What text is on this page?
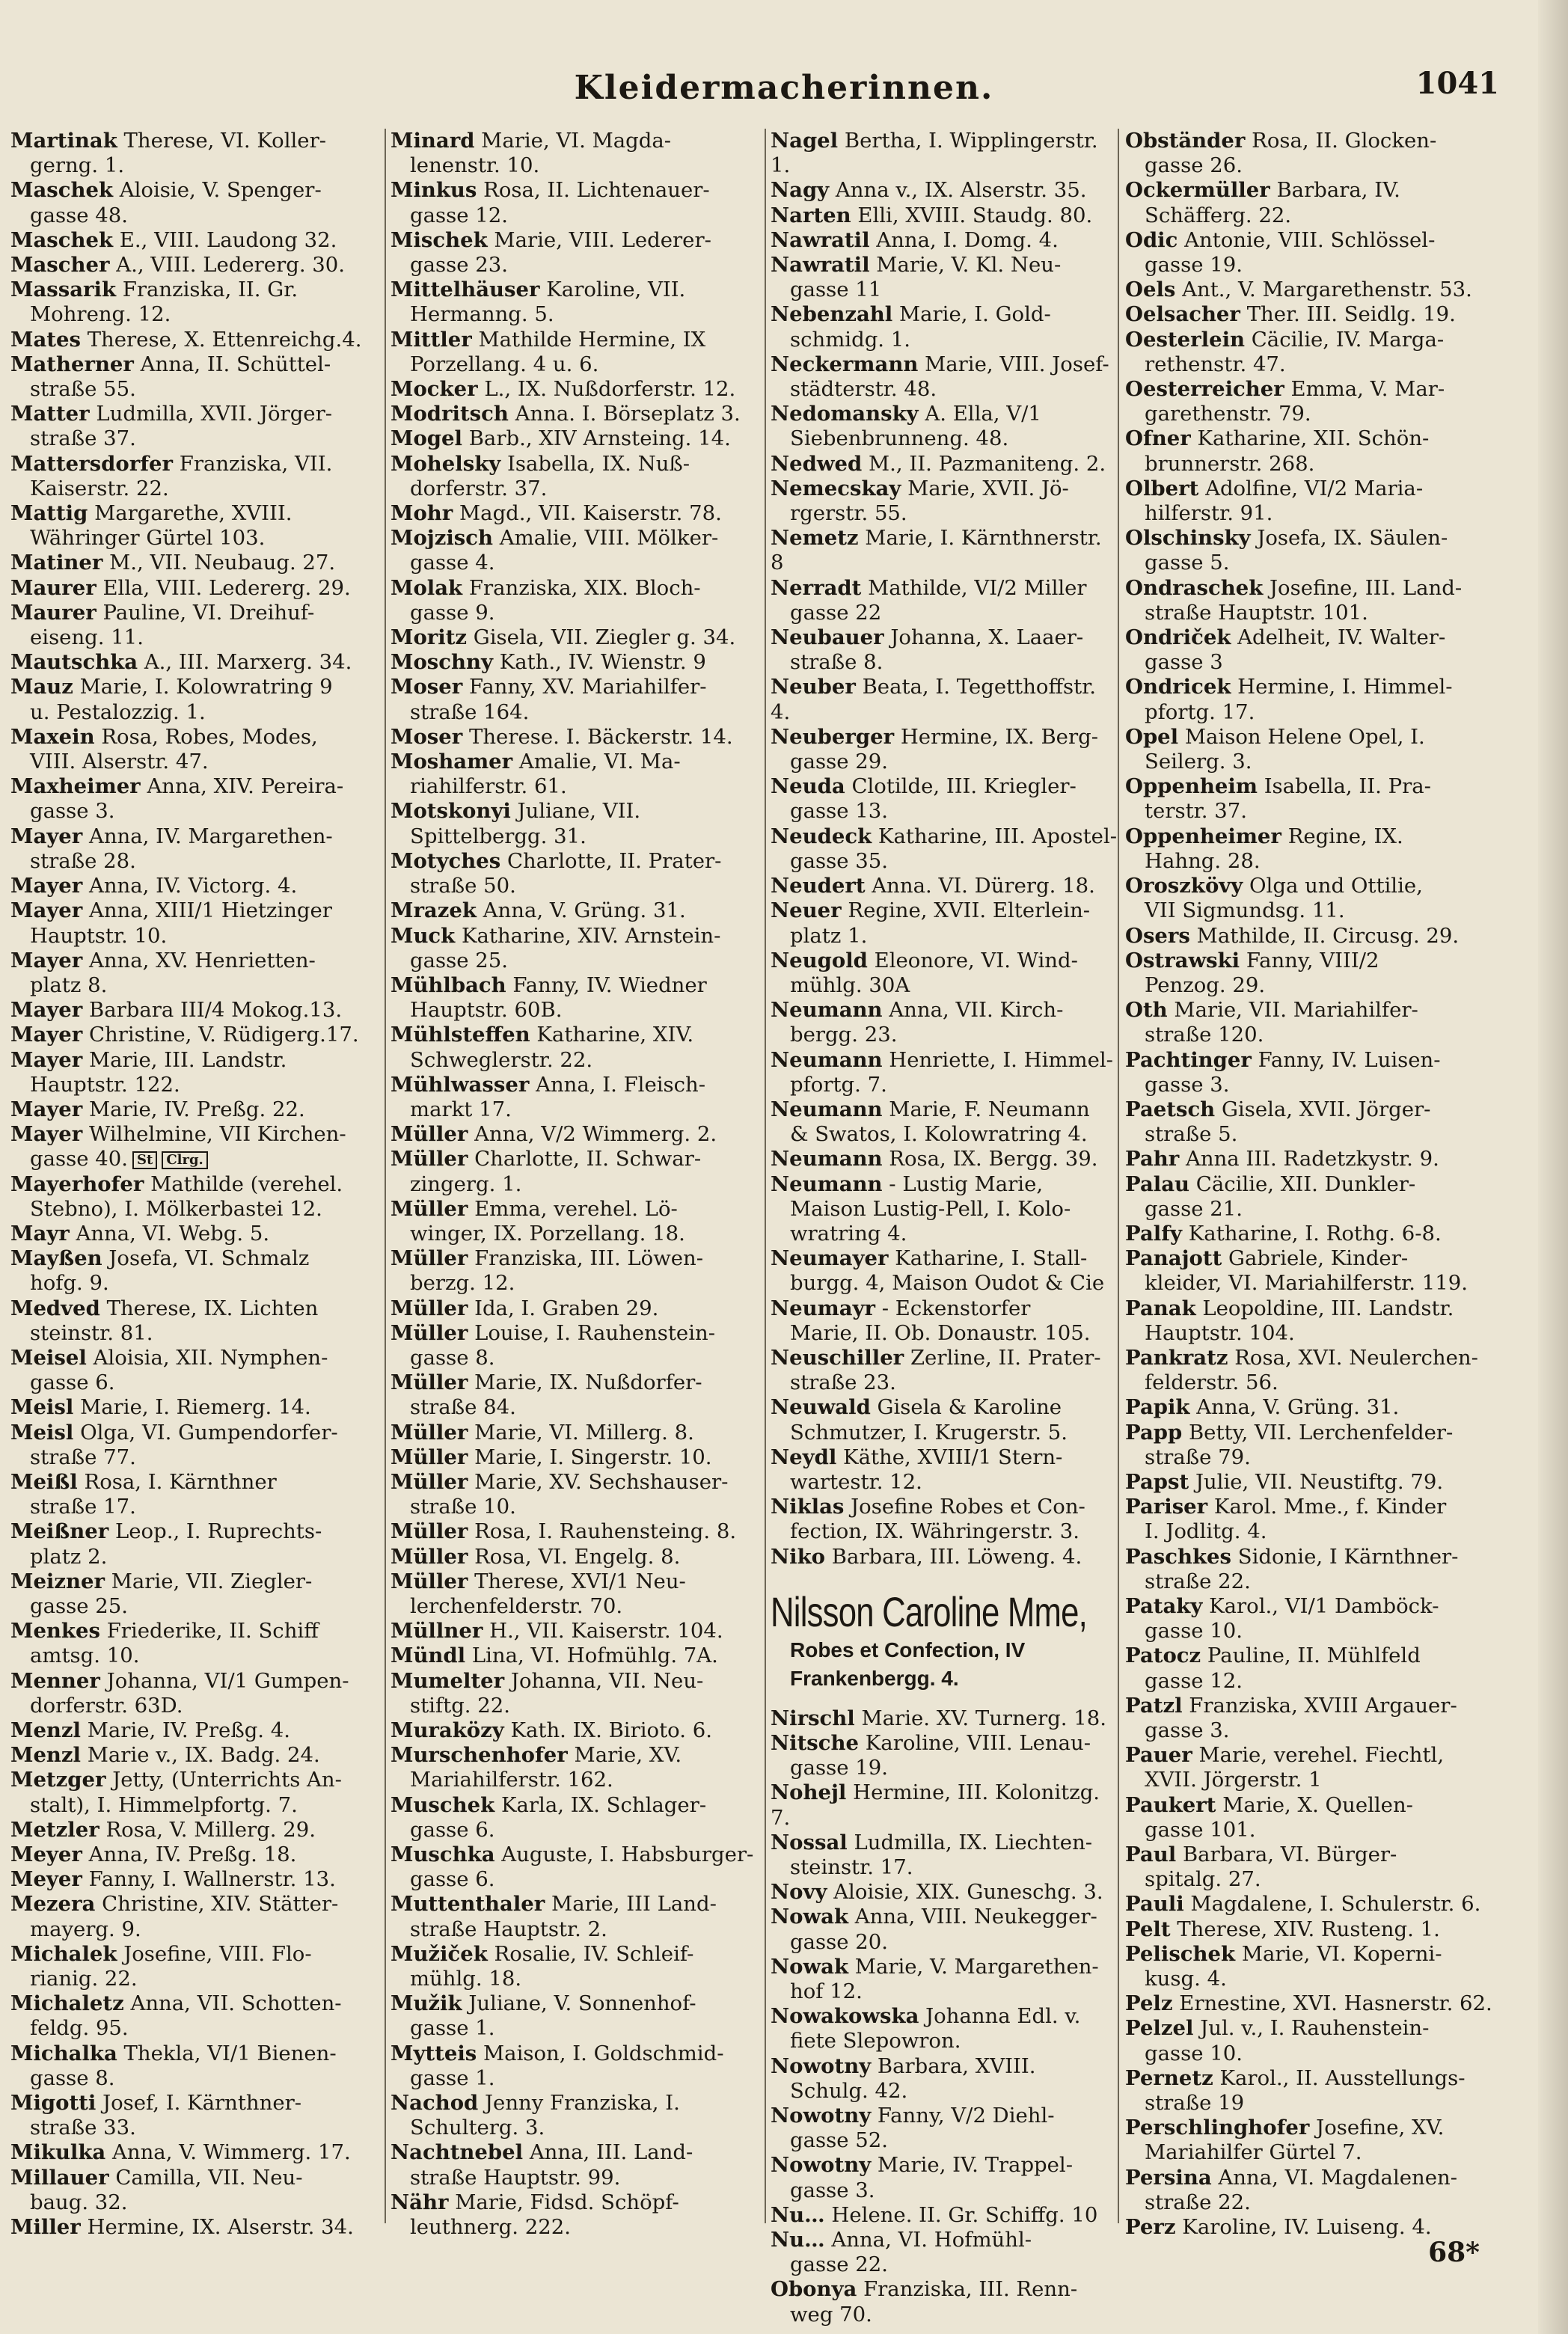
Kleidermacherinnen.	1041

Martinak Therese, VI. Koller-
gerng. 1.

Maschek Aloisie, V. Spenger-
gasse 48.

Maschek E., VIII. Laudong 32.

Mascher A., VIII. Ledererg. 30.

Massarik Franziska, II. Gr.
Mohreng. 12.

Mates Therese, X. Ettenreichg.4.

Matherner Anna, II. Schüttel-
straße 55.

Matter Ludmilla, XVII. Jörger-
straße 37.

Mattersdorfer Franziska, VII.
Kaiserstr. 22.

Mattig Margarethe, XVIII.
Währinger Gürtel 103.

Matiner M., VII. Neubaug. 27.

Maurer Ella, VIII. Ledererg. 29.

Maurer Pauline, VI. Dreihuf-
eiseng. 11.

Mautschka A., III. Marxerg. 34.

Mauz Marie, I. Kolowratring 9
u. Pestalozzig. 1.

Maxein Rosa, Robes, Modes,
VIII. Alserstr. 47.

Maxheimer Anna, XIV. Pereira-
gasse 3.

Mayer Anna, IV. Margarethen-
straße 28.

Mayer Anna, IV. Victorg. 4.

Mayer Anna, XIII/1 Hietzinger
Hauptstr. 10.

Mayer Anna, XV. Henrietten-
platz 8.

Mayer Barbara III/4 Mokog.13.

Mayer Christine, V. Rüdigerg.17.

Mayer Marie, III. Landstr.
Hauptstr. 122.

Mayer Marie, IV. Preßg. 22.

Mayer Wilhelmine, VII Kirchen-
gasse 40. St Clrg.

Mayerhofer Mathilde (verehel.
Stebno), I. Mölkerbastei 12.

Mayr Anna, VI. Webg. 5.

Mayßen Josefa, VI. Schmalz
hofg. 9.

Medved Therese, IX. Lichten
steinstr. 81.

Meisel Aloisia, XII. Nymphen-
gasse 6.

Meisl Marie, I. Riemerg. 14.

Meisl Olga, VI. Gumpendorfer-
straße 77.

Meißl Rosa, I. Kärnthner
straße 17.

Meißner Leop., I. Ruprechts-
platz 2.

Meizner Marie, VII. Ziegler-
gasse 25.

Menkes Friederike, II. Schiff
amtsg. 10.

Menner Johanna, VI/1 Gumpen-
dorferstr. 63D.

Menzl Marie, IV. Preßg. 4.

Menzl Marie v., IX. Badg. 24.

Metzger Jetty, (Unterrichts An-
stalt), I. Himmelpfortg. 7.

Metzler Rosa, V. Millerg. 29.

Meyer Anna, IV. Preßg. 18.

Meyer Fanny, I. Wallnerstr. 13.

Mezera Christine, XIV. Stätter-
mayerg. 9.

Michalek Josefine, VIII. Flo-
rianig. 22.

Michaletz Anna, VII. Schotten-
feldg. 95.

Michalka Thekla, VI/1 Bienen-
gasse 8.

Migotti Josef, I. Kärnthner-
straße 33.

Mikulka Anna, V. Wimmerg. 17.

Millauer Camilla, VII. Neu-
baug. 32.

Miller Hermine, IX. Alserstr. 34.

Minard Marie, VI. Magda-
lenenstr. 10.

Minkus Rosa, II. Lichtenauer-
gasse 12.

Mischek Marie, VIII. Lederer-
gasse 23.

Mittelhäuser Karoline, VII.
Hermanng. 5.

Mittler Mathilde Hermine, IX
Porzellang. 4 u. 6.

Mocker L., IX. Nußdorferstr. 12.

Modritsch Anna. I. Börseplatz 3.

Mogel Barb., XIV Arnsteing. 14.

Mohelsky Isabella, IX. Nuß-
dorferstr. 37.

Mohr Magd., VII. Kaiserstr. 78.

Mojzisch Amalie, VIII. Mölker-
gasse 4.

Molak Franziska, XIX. Bloch-
gasse 9.

Moritz Gisela, VII. Ziegler g. 34.

Moschny Kath., IV. Wienstr. 9

Moser Fanny, XV. Mariahilfer-
straße 164.

Moser Therese. I. Bäckerstr. 14.

Moshamer Amalie, VI. Ma-
riahilferstr. 61.

Motskonyi Juliane, VII.
Spittelbergg. 31.

Motyches Charlotte, II. Prater-
straße 50.

Mrazek Anna, V. Grüng. 31.

Muck Katharine, XIV. Arnstein-
gasse 25.

Mühlbach Fanny, IV. Wiedner
Hauptstr. 60B.

Mühlsteffen Katharine, XIV.
Schweglerstr. 22.

Mühlwasser Anna, I. Fleisch-
markt 17.

Müller Anna, V/2 Wimmerg. 2.

Müller Charlotte, II. Schwar-
zingerg. 1.

Müller Emma, verehel. Lö-
winger, IX. Porzellang. 18.

Müller Franziska, III. Löwen-
berzg. 12.

Müller Ida, I. Graben 29.

Müller Louise, I. Rauhenstein-
gasse 8.

Müller Marie, IX. Nußdorfer-
straße 84.

Müller Marie, VI. Millerg. 8.

Müller Marie, I. Singerstr. 10.

Müller Marie, XV. Sechshauser-
straße 10.

Müller Rosa, I. Rauhensteing. 8.

Müller Rosa, VI. Engelg. 8.

Müller Therese, XVI/1 Neu-
lerchenfelderstr. 70.

Müllner H., VII. Kaiserstr. 104.

Mündl Lina, VI. Hofmühlg. 7A.

Mumelter Johanna, VII. Neu-
stiftg. 22.

Muraközy Kath. IX. Birioto. 6.

Murschenhofer Marie, XV.
Mariahilferstr. 162.

Muschek Karla, IX. Schlager-
gasse 6.

Muschka Auguste, I. Habsburger-
gasse 6.

Muttenthaler Marie, III Land-
straße Hauptstr. 2.

Mužiček Rosalie, IV. Schleif-
mühlg. 18.

Mužik Juliane, V. Sonnenhof-
gasse 1.

Mytteis Maison, I. Goldschmid-
gasse 1.

Nachod Jenny Franziska, I.
Schulterg. 3.

Nachtnebel Anna, III. Land-
straße Hauptstr. 99.

Nähr Marie, Fidsd. Schöpf-
leuthnerg. 222.

Nagel Bertha, I. Wipplingerstr. 1.

Nagy Anna v., IX. Alserstr. 35.

Narten Elli, XVIII. Staudg. 80.

Nawratil Anna, I. Domg. 4.

Nawratil Marie, V. Kl. Neu-
gasse 11

Nebenzahl Marie, I. Gold-
schmidg. 1.

Neckermann Marie, VIII. Josef-
städterstr. 48.

Nedomansky A. Ella, V/1
Siebenbrunneng. 48.

Nedwed M., II. Pazmaniteng. 2.

Nemecskay Marie, XVII. Jö-
rgerstr. 55.

Nemetz Marie, I. Kärnthnerstr. 8

Nerradt Mathilde, VI/2 Miller
gasse 22

Neubauer Johanna, X. Laaer-
straße 8.

Neuber Beata, I. Tegetthoffstr. 4.

Neuberger Hermine, IX. Berg-
gasse 29.

Neuda Clotilde, III. Kriegler-
gasse 13.

Neudeck Katharine, III. Apostel-
gasse 35.

Neudert Anna. VI. Dürerg. 18.

Neuer Regine, XVII. Elterlein-
platz 1.

Neugold Eleonore, VI. Wind-
mühlg. 30A

Neumann Anna, VII. Kirch-
bergg. 23.

Neumann Henriette, I. Himmel-
pfortg. 7.

Neumann Marie, F. Neumann
& Swatos, I. Kolowratring 4.

Neumann Rosa, IX. Bergg. 39.

Neumann - Lustig Marie,
Maison Lustig-Pell, I. Kolo-
wratring 4.

Neumayer Katharine, I. Stall-
burgg. 4, Maison Oudot & Cie

Neumayr - Eckenstorfer
Marie, II. Ob. Donaustr. 105.

Neuschiller Zerline, II. Prater-
straße 23.

Neuwald Gisela & Karoline
Schmutzer, I. Krugerstr. 5.

Neydl Käthe, XVIII/1 Stern-
wartestr. 12.

Niklas Josefine Robes et Con-
fection, IX. Währingerstr. 3.

Niko Barbara, III. Löweng. 4.

Nilsson Caroline Mme,
Robes et Confection, IV
Frankenbergg. 4.

Nirschl Marie. XV. Turnerg. 18.

Nitsche Karoline, VIII. Lenau-
gasse 19.

Nohejl Hermine, III. Kolonitzg. 7.

Nossal Ludmilla, IX. Liechten-
steinstr. 17.

Novy Aloisie, XIX. Guneschg. 3.

Nowak Anna, VIII. Neukegger-
gasse 20.

Nowak Marie, V. Margarethen-
hof 12.

Nowakowska Johanna Edl. v.
fiete Slepowron.

Nowotny Barbara, XVIII.
Schulg. 42.

Nowotny Fanny, V/2 Diehl-
gasse 52.

Nowotny Marie, IV. Trappel-
gasse 3.

Nu… Helene. II. Gr. Schiffg. 10

Nu… Anna, VI. Hofmühl-
gasse 22.

Obonya Franziska, III. Renn-
weg 70.

Obständer Rosa, II. Glocken-
gasse 26.

Ockermüller Barbara, IV.
Schäfferg. 22.

Odic Antonie, VIII. Schlössel-
gasse 19.

Oels Ant., V. Margarethenstr. 53.

Oelsacher Ther. III. Seidlg. 19.

Oesterlein Cäcilie, IV. Marga-
rethenstr. 47.

Oesterreicher Emma, V. Mar-
garethenstr. 79.

Ofner Katharine, XII. Schön-
brunnerstr. 268.

Olbert Adolfine, VI/2 Maria-
hilferstr. 91.

Olschinsky Josefa, IX. Säulen-
gasse 5.

Ondraschek Josefine, III. Land-
straße Hauptstr. 101.

Ondriček Adelheit, IV. Walter-
gasse 3

Ondricek Hermine, I. Himmel-
pfortg. 17.

Opel Maison Helene Opel, I.
Seilerg. 3.

Oppenheim Isabella, II. Pra-
terstr. 37.

Oppenheimer Regine, IX.
Hahng. 28.

Oroszkövy Olga und Ottilie,
VII Sigmundsg. 11.

Osers Mathilde, II. Circusg. 29.

Ostrawski Fanny, VIII/2
Penzog. 29.

Oth Marie, VII. Mariahilfer-
straße 120.

Pachtinger Fanny, IV. Luisen-
gasse 3.

Paetsch Gisela, XVII. Jörger-
straße 5.

Pahr Anna III. Radetzkystr. 9.

Palau Cäcilie, XII. Dunkler-
gasse 21.

Palfy Katharine, I. Rothg. 6-8.

Panajott Gabriele, Kinder-
kleider, VI. Mariahilferstr. 119.

Panak Leopoldine, III. Landstr.
Hauptstr. 104.

Pankratz Rosa, XVI. Neulerchen-
felderstr. 56.

Papik Anna, V. Grüng. 31.

Papp Betty, VII. Lerchenfelder-
straße 79.

Papst Julie, VII. Neustiftg. 79.

Pariser Karol. Mme., f. Kinder
I. Jodlitg. 4.

Paschkes Sidonie, I Kärnthner-
straße 22.

Pataky Karol., VI/1 Damböck-
gasse 10.

Patocz Pauline, II. Mühlfeld
gasse 12.

Patzl Franziska, XVIII Argauer-
gasse 3.

Pauer Marie, verehel. Fiechtl,
XVII. Jörgerstr. 1

Paukert Marie, X. Quellen-
gasse 101.

Paul Barbara, VI. Bürger-
spitalg. 27.

Pauli Magdalene, I. Schulerstr. 6.

Pelt Therese, XIV. Rusteng. 1.

Pelischek Marie, VI. Koperni-
kusg. 4.

Pelz Ernestine, XVI. Hasnerstr. 62.

Pelzel Jul. v., I. Rauhenstein-
gasse 10.

Pernetz Karol., II. Ausstellungs-
straße 19

Perschlinghofer Josefine, XV.
Mariahilfer Gürtel 7.

Persina Anna, VI. Magdalenen-
straße 22.

Perz Karoline, IV. Luiseng. 4.

68*
